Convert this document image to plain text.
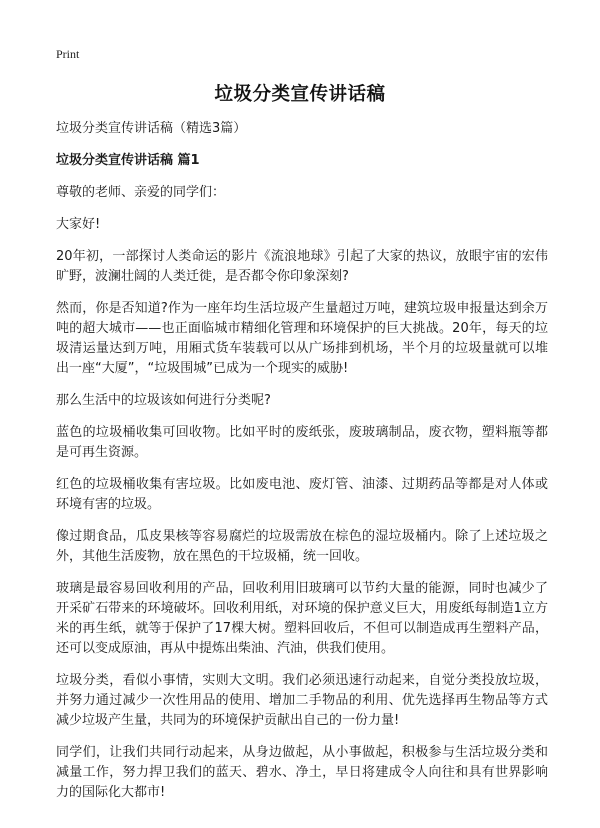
Print
垃圾分类宣传讲话稿

垃圾分类宣传讲话稿（精选3篇）

垃圾分类宣传讲话稿 篇1

尊敬的老师、亲爱的同学们：

大家好!

20年初，一部探讨人类命运的影片《流浪地球》引起了大家的热议，放眼宇宙的宏伟旷野，波澜壮阔的人类迁徙，是否都令你印象深刻?

然而，你是否知道?作为一座年均生活垃圾产生量超过万吨，建筑垃圾申报量达到余万吨的超大城市——也正面临城市精细化管理和环境保护的巨大挑战。20年，每天的垃圾清运量达到万吨，用厢式货车装载可以从广场排到机场，半个月的垃圾量就可以堆出一座“大厦”，“垃圾围城”已成为一个现实的威胁!

那么生活中的垃圾该如何进行分类呢?

蓝色的垃圾桶收集可回收物。比如平时的废纸张，废玻璃制品，废衣物，塑料瓶等都是可再生资源。

红色的垃圾桶收集有害垃圾。比如废电池、废灯管、油漆、过期药品等都是对人体或环境有害的垃圾。

像过期食品，瓜皮果核等容易腐烂的垃圾需放在棕色的湿垃圾桶内。除了上述垃圾之外，其他生活废物，放在黑色的干垃圾桶，统一回收。

玻璃是最容易回收利用的产品，回收利用旧玻璃可以节约大量的能源，同时也减少了开采矿石带来的环境破坏。回收利用纸，对环境的保护意义巨大，用废纸每制造1立方米的再生纸，就等于保护了17棵大树。塑料回收后，不但可以制造成再生塑料产品，还可以变成原油，再从中提炼出柴油、汽油，供我们使用。

垃圾分类，看似小事情，实则大文明。我们必须迅速行动起来，自觉分类投放垃圾，并努力通过减少一次性用品的使用、增加二手物品的利用、优先选择再生物品等方式减少垃圾产生量，共同为的环境保护贡献出自己的一份力量!

同学们，让我们共同行动起来，从身边做起，从小事做起，积极参与生活垃圾分类和减量工作，努力捍卫我们的蓝天、碧水、净土，早日将建成令人向往和具有世界影响力的国际化大都市!
